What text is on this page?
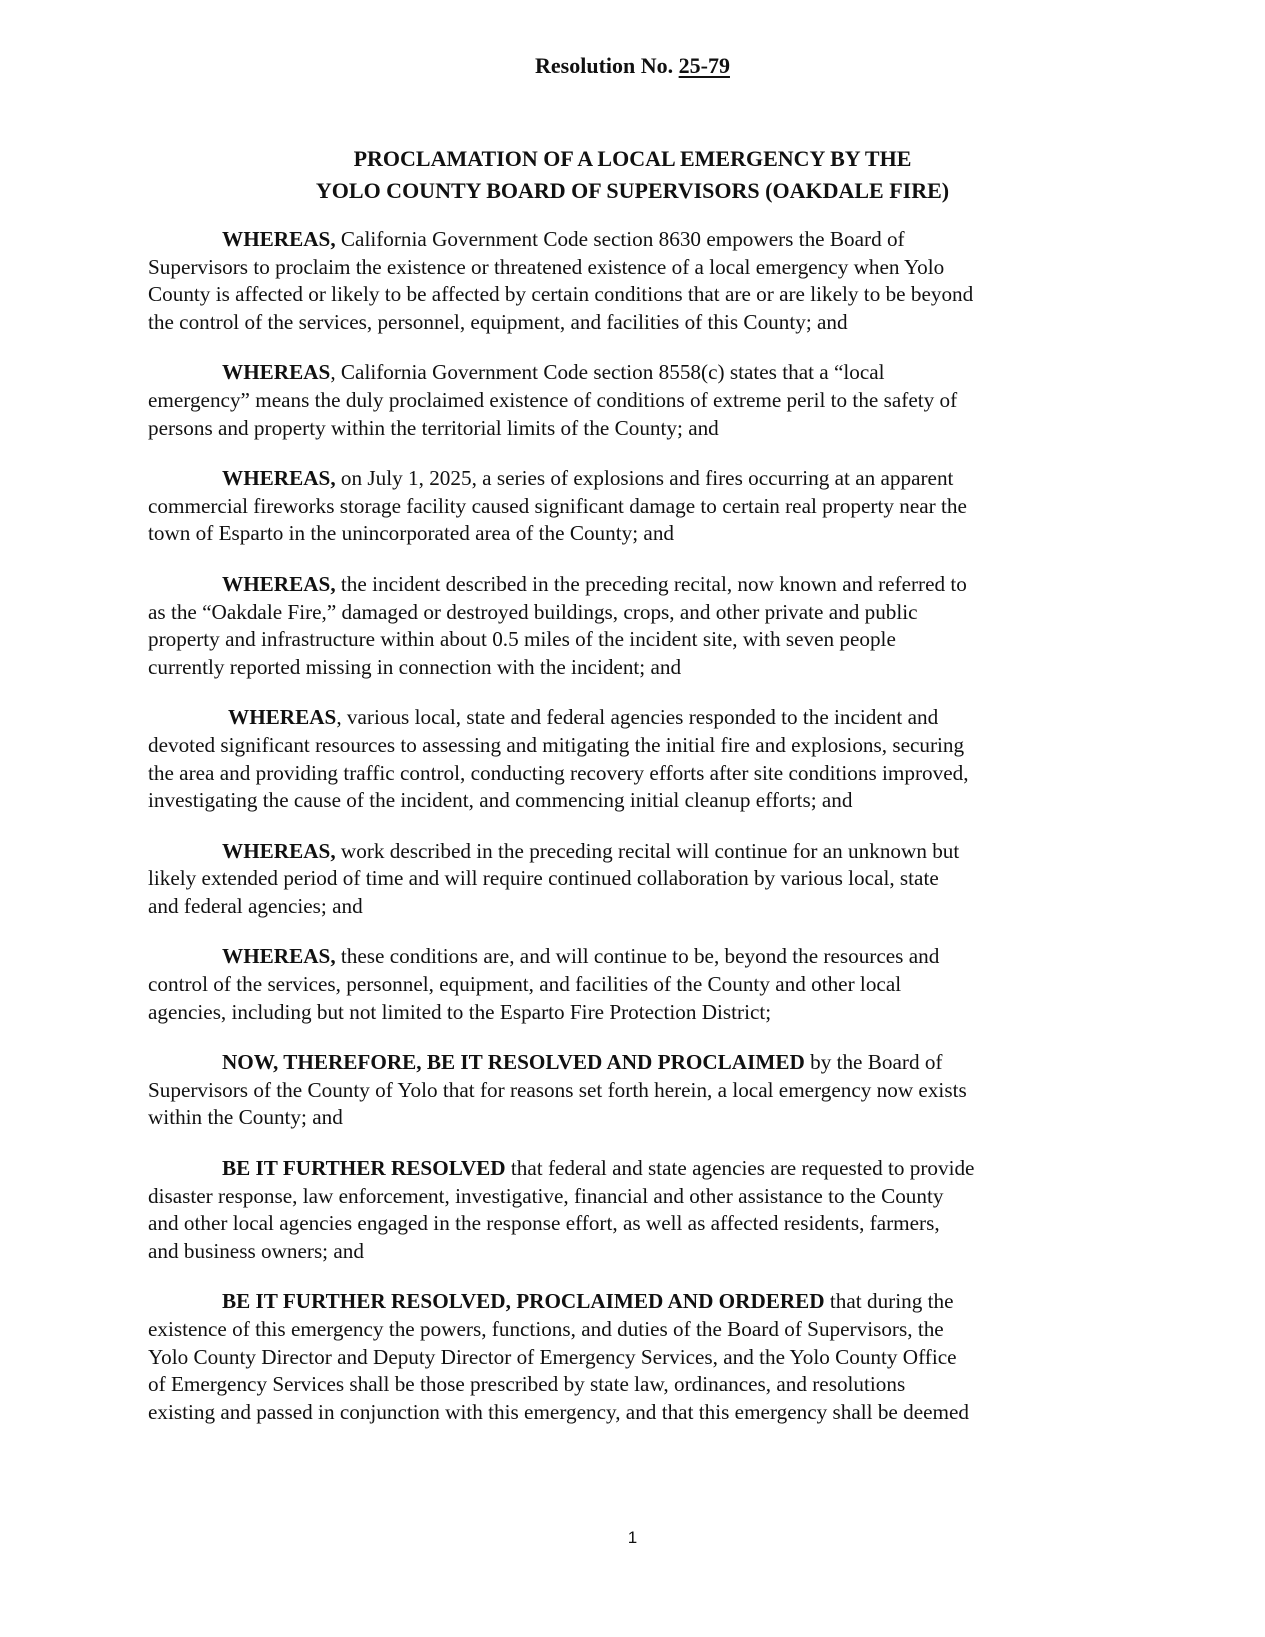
Resolution No. 25-79
PROCLAMATION OF A LOCAL EMERGENCY BY THE
YOLO COUNTY BOARD OF SUPERVISORS (OAKDALE FIRE)

WHEREAS, California Government Code section 8630 empowers the Board of
Supervisors to proclaim the existence or threatened existence of a local emergency when Yolo
County is affected or likely to be affected by certain conditions that are or are likely to be beyond
the control of the services, personnel, equipment, and facilities of this County; and

WHEREAS, California Government Code section 8558(c) states that a “local
emergency” means the duly proclaimed existence of conditions of extreme peril to the safety of
persons and property within the territorial limits of the County; and

WHEREAS, on July 1, 2025, a series of explosions and fires occurring at an apparent
commercial fireworks storage facility caused significant damage to certain real property near the
town of Esparto in the unincorporated area of the County; and

WHEREAS, the incident described in the preceding recital, now known and referred to
as the “Oakdale Fire,” damaged or destroyed buildings, crops, and other private and public
property and infrastructure within about 0.5 miles of the incident site, with seven people
currently reported missing in connection with the incident; and

WHEREAS, various local, state and federal agencies responded to the incident and
devoted significant resources to assessing and mitigating the initial fire and explosions, securing
the area and providing traffic control, conducting recovery efforts after site conditions improved,
investigating the cause of the incident, and commencing initial cleanup efforts; and

WHEREAS, work described in the preceding recital will continue for an unknown but
likely extended period of time and will require continued collaboration by various local, state
and federal agencies; and

WHEREAS, these conditions are, and will continue to be, beyond the resources and
control of the services, personnel, equipment, and facilities of the County and other local
agencies, including but not limited to the Esparto Fire Protection District;

NOW, THEREFORE, BE IT RESOLVED AND PROCLAIMED by the Board of
Supervisors of the County of Yolo that for reasons set forth herein, a local emergency now exists
within the County; and

BE IT FURTHER RESOLVED that federal and state agencies are requested to provide
disaster response, law enforcement, investigative, financial and other assistance to the County
and other local agencies engaged in the response effort, as well as affected residents, farmers,
and business owners; and

BE IT FURTHER RESOLVED, PROCLAIMED AND ORDERED that during the
existence of this emergency the powers, functions, and duties of the Board of Supervisors, the
Yolo County Director and Deputy Director of Emergency Services, and the Yolo County Office
of Emergency Services shall be those prescribed by state law, ordinances, and resolutions
existing and passed in conjunction with this emergency, and that this emergency shall be deemed

1
